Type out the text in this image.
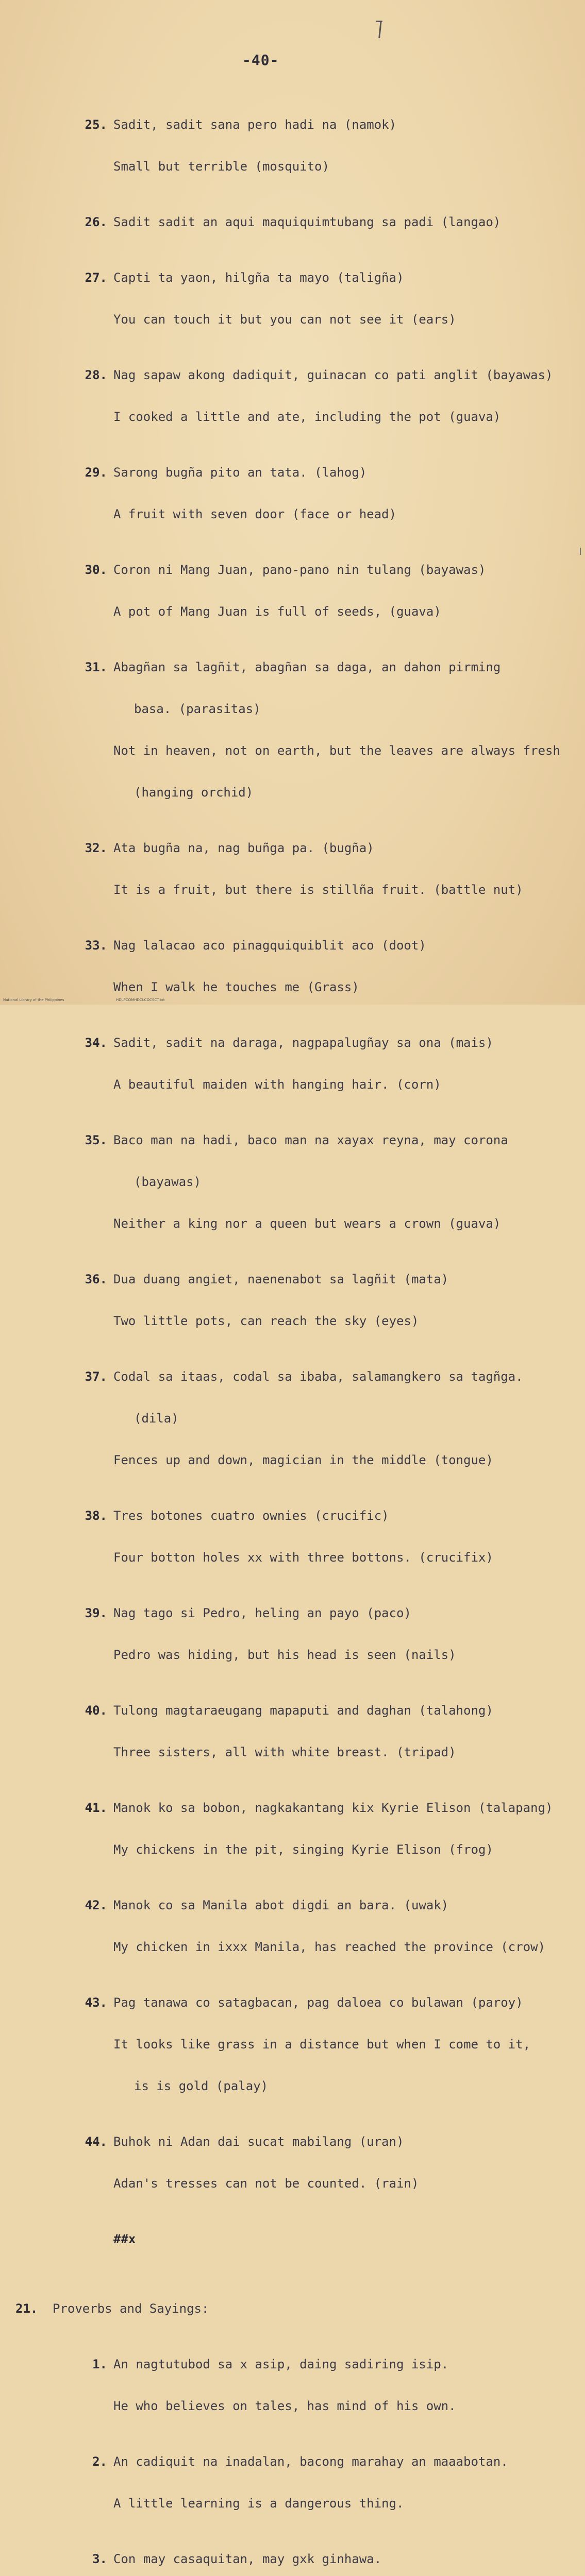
-40-

25. Sadit, sadit sana pero hadi na (namok)

Small but terrible (mosquito)

26. Sadit sadit an aqui maquiquimtubang sa padi (langao)

27. Capti ta yaon, hilgña ta mayo (taligña)

You can touch it but you can not see it (ears)

28. Nag sapaw akong dadiquit, guinacan co pati anglit (bayawas)

I cooked a little and ate, including the pot (guava)

29. Sarong bugña pito an tata. (lahog)

A fruit with seven door (face or head)

30. Coron ni Mang Juan, pano-pano nin tulang (bayawas)

A pot of Mang Juan is full of seeds, (guava)

31. Abagñan sa lagñit, abagñan sa daga, an dahon pirming

basa. (parasitas)

Not in heaven, not on earth, but the leaves are always fresh

(hanging orchid)

32. Ata bugña na, nag buñga pa. (bugña)

It is a fruit, but there is stillña fruit. (battle nut)

33. Nag lalacao aco pinagquiquiblit aco (doot)

When I walk he touches me (Grass)

34. Sadit, sadit na daraga, nagpapalugñay sa ona (mais)

A beautiful maiden with hanging hair. (corn)

35. Baco man na hadi, baco man na xayax reyna, may corona

(bayawas)

Neither a king nor a queen but wears a crown (guava)

36. Dua duang angiet, naenenabot sa lagñit (mata)

Two little pots, can reach the sky (eyes)

37. Codal sa itaas, codal sa ibaba, salamangkero sa tagñga.

(dila)

Fences up and down, magician in the middle (tongue)

38. Tres botones cuatro ownies (crucific)

Four botton holes xx with three bottons. (crucifix)

39. Nag tago si Pedro, heling an payo (paco)

Pedro was hiding, but his head is seen (nails)

40. Tulong magtaraeugang mapaputi and daghan (talahong)

Three sisters, all with white breast. (tripad)

41. Manok ko sa bobon, nagkakantang kix Kyrie Elison (talapang)

My chickens in the pit, singing Kyrie Elison (frog)

42. Manok co sa Manila abot digdi an bara. (uwak)

My chicken in ixxx Manila, has reached the province (crow)

43. Pag tanawa co satagbacan, pag daloea co bulawan (paroy)

It looks like grass in a distance but when I come to it,

is is gold (palay)

44. Buhok ni Adan dai sucat mabilang (uran)

Adan's tresses can not be counted. (rain)

##x

21. Proverbs and Sayings:

1. An nagtutubod sa x asip, daing sadiring isip.

He who believes on tales, has mind of his own.

2. An cadiquit na inadalan, bacong marahay an maaabotan.

A little learning is a dangerous thing.

3. Con may casaquitan, may gxk ginhawa.

National Library of the Philippines	HDLPCOMHDCLCOCSCT.txt
